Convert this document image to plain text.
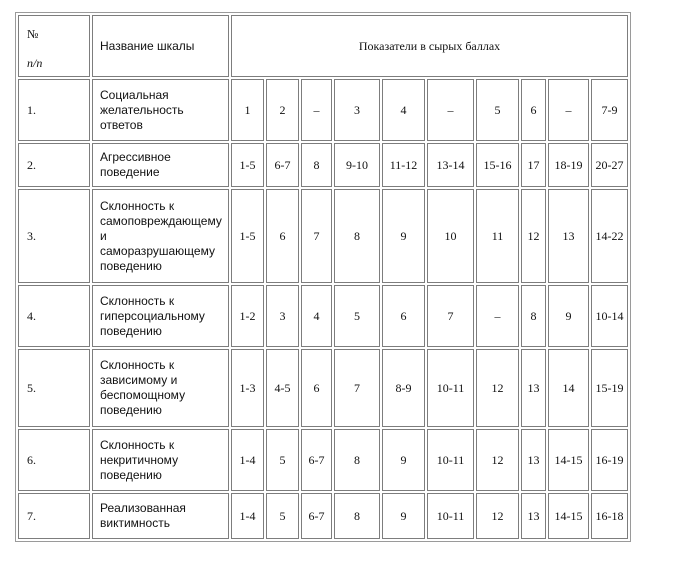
№
п/п	Название шкалы	Показатели в сырых баллах									
1.	Социальная
желательность
ответов	1	2	–	3	4	–	5	6	–	7-9
2.	Агрессивное
поведение	1-5	6-7	8	9-10	11-12	13-14	15-16	17	18-19	20-27
3.	Склонность к
самоповреждающему
и
саморазрушающему
поведению	1-5	6	7	8	9	10	11	12	13	14-22
4.	Склонность к
гиперсоциальному
поведению	1-2	3	4	5	6	7	–	8	9	10-14
5.	Склонность к
зависимому и
беспомощному
поведению	1-3	4-5	6	7	8-9	10-11	12	13	14	15-19
6.	Склонность к
некритичному
поведению	1-4	5	6-7	8	9	10-11	12	13	14-15	16-19
7.	Реализованная
виктимность	1-4	5	6-7	8	9	10-11	12	13	14-15	16-18
